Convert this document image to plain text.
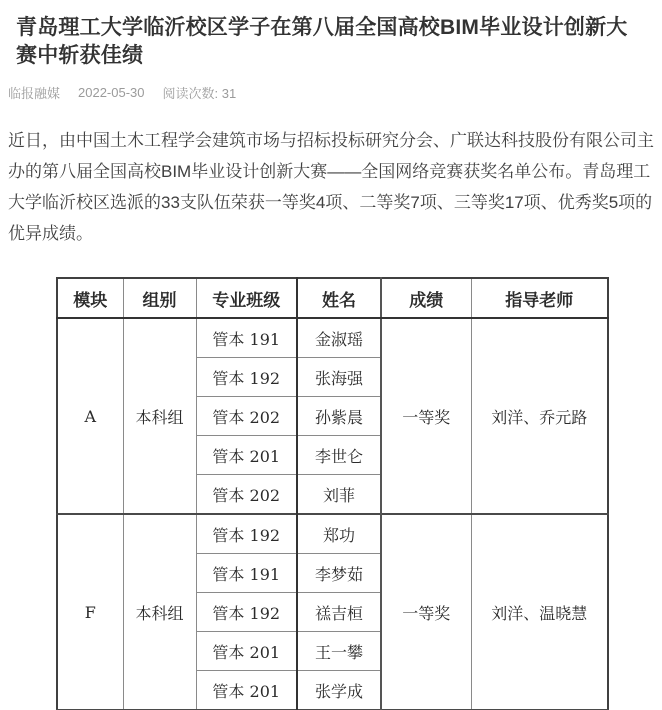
青岛理工大学临沂校区学子在第八届全国高校BIM毕业设计创新大赛中斩获佳绩
临报融媒 2022-05-30 阅读次数: 31

近日，由中国土木工程学会建筑市场与招标投标研究分会、广联达科技股份有限公司主办的第八届全国高校BIM毕业设计创新大赛——全国网络竞赛获奖名单公布。青岛理工大学临沂校区选派的33支队伍荣获一等奖4项、二等奖7项、三等奖17项、优秀奖5项的优异成绩。

模块	组别	专业班级	姓名	成绩	指导老师
A	本科组	管本 191	金淑瑶	一等奖	刘洋、乔元路
		管本 192	张海强		
		管本 202	孙紫晨		
		管本 201	李世仑		
		管本 202	刘菲		
F	本科组	管本 192	郑功	一等奖	刘洋、温晓慧
		管本 191	李梦茹		
		管本 192	禚吉桓		
		管本 201	王一攀		
		管本 201	张学成		
